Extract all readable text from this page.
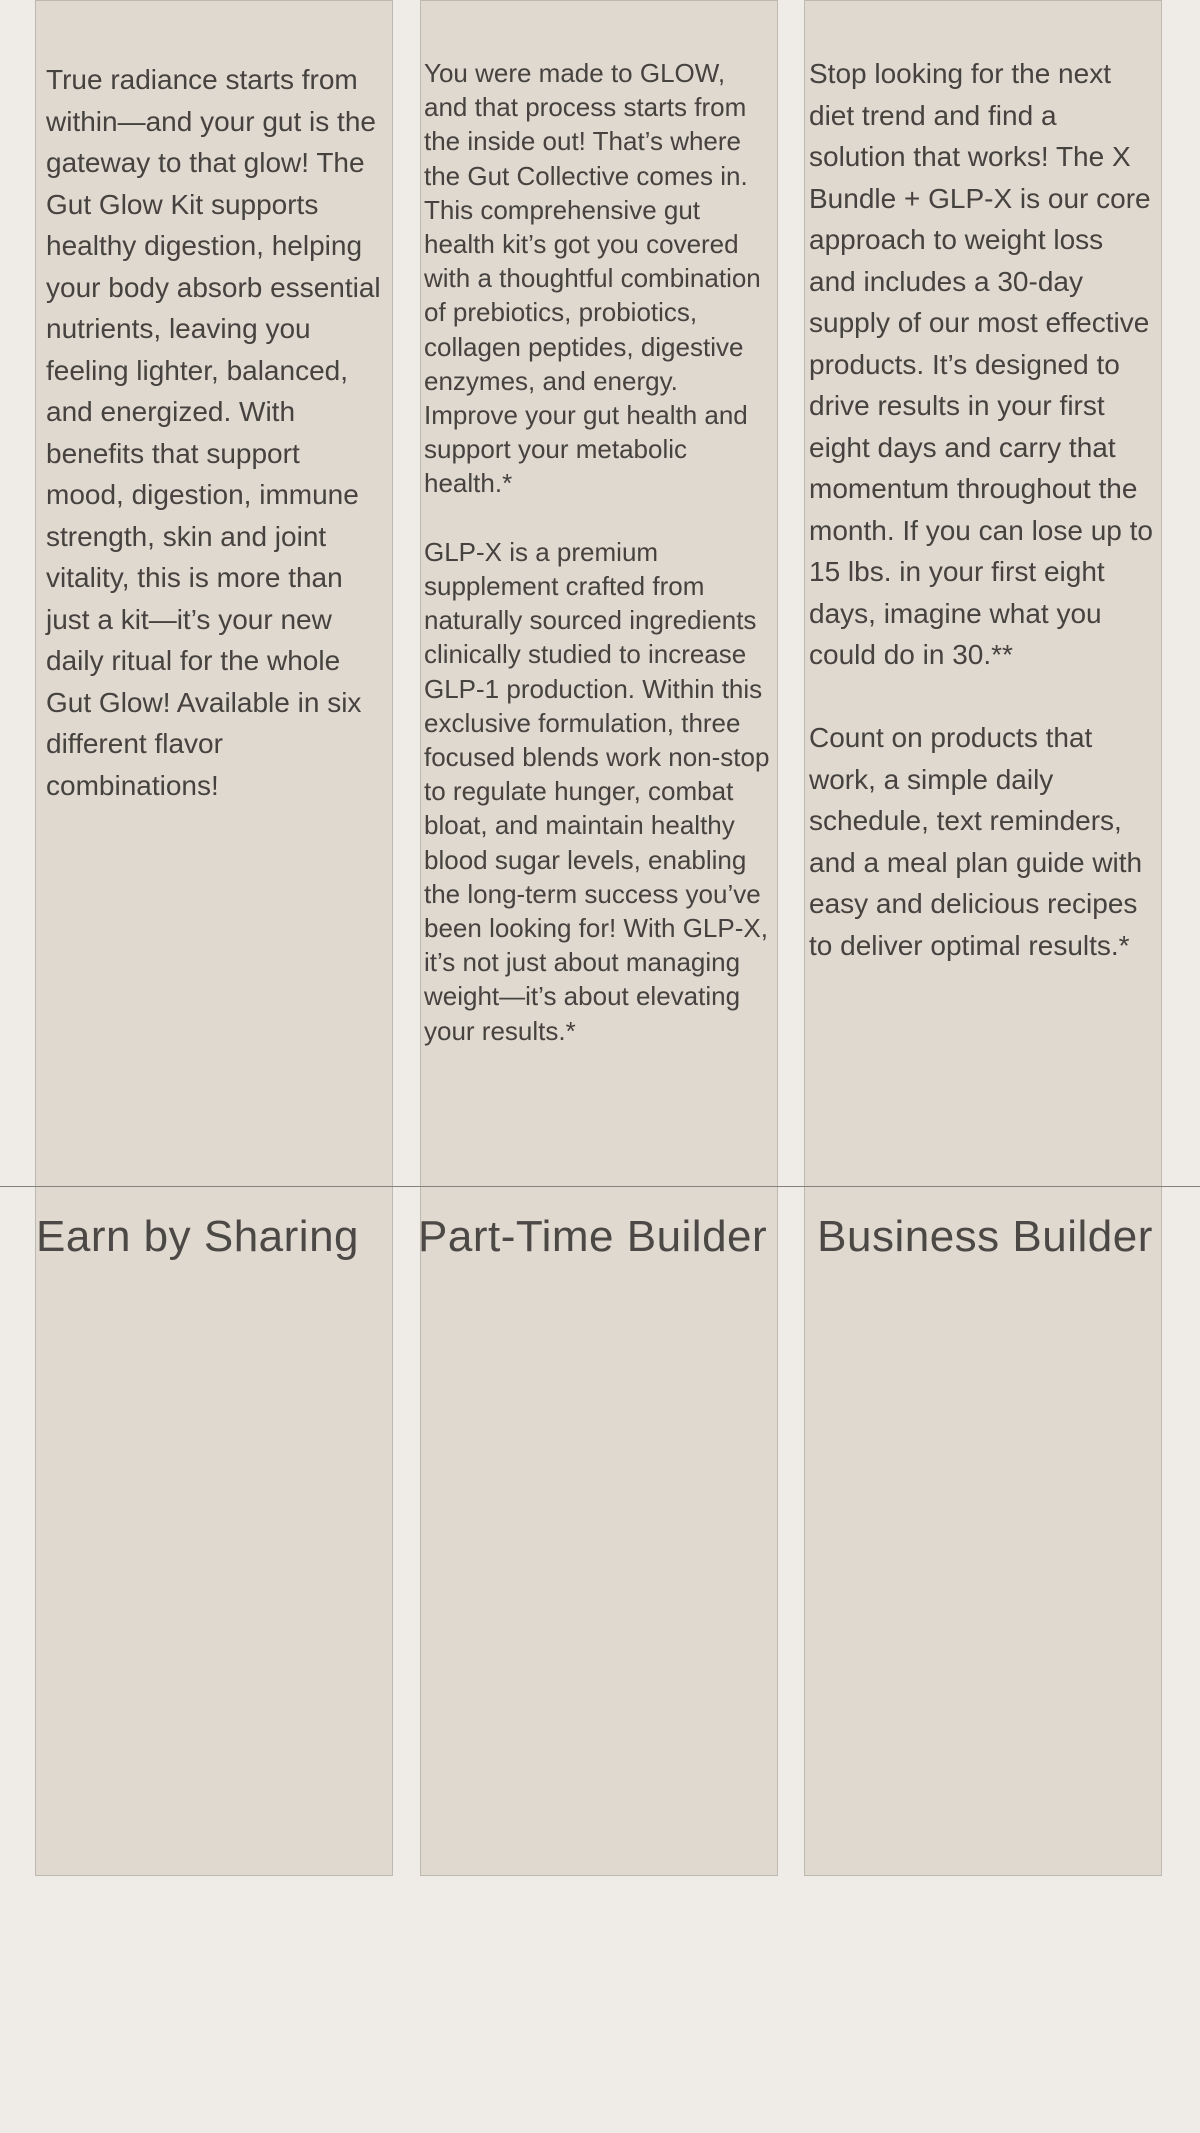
True radiance starts from within—and your gut is the gateway to that glow! The Gut Glow Kit supports healthy digestion, helping your body absorb essential nutrients, leaving you feeling lighter, balanced, and energized. With benefits that support mood, digestion, immune strength, skin and joint vitality, this is more than just a kit—it’s your new daily ritual for the whole Gut Glow! Available in six different flavor combinations!
You were made to GLOW, and that process starts from the inside out! That’s where the Gut Collective comes in. This comprehensive gut health kit’s got you covered with a thoughtful combination of prebiotics, probiotics, collagen peptides, digestive enzymes, and energy. Improve your gut health and support your metabolic health.*

GLP-X is a premium supplement crafted from naturally sourced ingredients clinically studied to increase GLP-1 production. Within this exclusive formulation, three focused blends work non-stop to regulate hunger, combat bloat, and maintain healthy blood sugar levels, enabling the long-term success you’ve been looking for! With GLP-X, it’s not just about managing weight—it’s about elevating your results.*
Stop looking for the next diet trend and find a solution that works! The X Bundle + GLP-X is our core approach to weight loss and includes a 30-day supply of our most effective products. It’s designed to drive results in your first eight days and carry that momentum throughout the month. If you can lose up to 15 lbs. in your first eight days, imagine what you could do in 30.**

Count on products that work, a simple daily schedule, text reminders, and a meal plan guide with easy and delicious recipes to deliver optimal results.*
Earn by Sharing	Part-Time Builder	Business Builder
